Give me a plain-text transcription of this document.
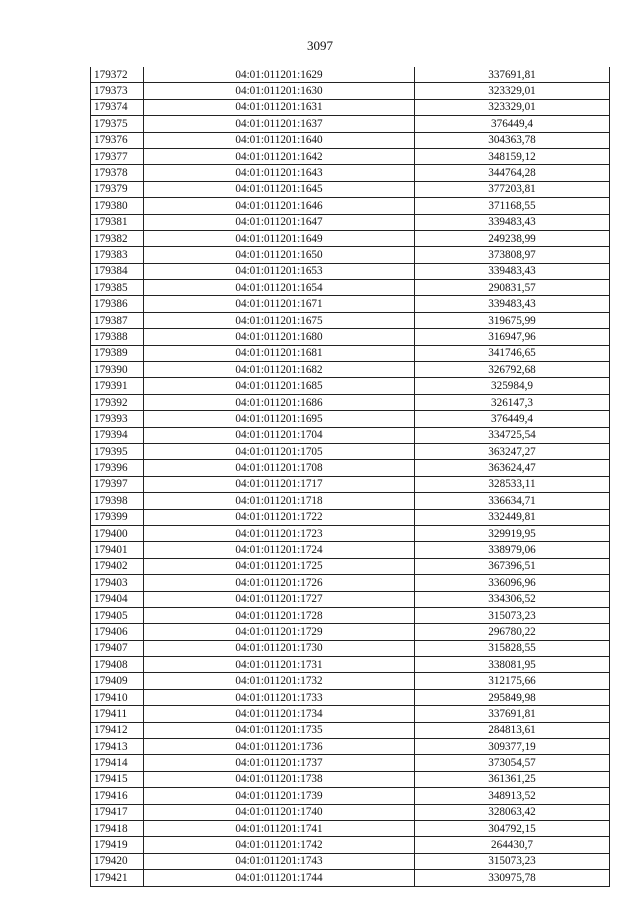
3097
179372	04:01:011201:1629	337691,81
179373	04:01:011201:1630	323329,01
179374	04:01:011201:1631	323329,01
179375	04:01:011201:1637	376449,4
179376	04:01:011201:1640	304363,78
179377	04:01:011201:1642	348159,12
179378	04:01:011201:1643	344764,28
179379	04:01:011201:1645	377203,81
179380	04:01:011201:1646	371168,55
179381	04:01:011201:1647	339483,43
179382	04:01:011201:1649	249238,99
179383	04:01:011201:1650	373808,97
179384	04:01:011201:1653	339483,43
179385	04:01:011201:1654	290831,57
179386	04:01:011201:1671	339483,43
179387	04:01:011201:1675	319675,99
179388	04:01:011201:1680	316947,96
179389	04:01:011201:1681	341746,65
179390	04:01:011201:1682	326792,68
179391	04:01:011201:1685	325984,9
179392	04:01:011201:1686	326147,3
179393	04:01:011201:1695	376449,4
179394	04:01:011201:1704	334725,54
179395	04:01:011201:1705	363247,27
179396	04:01:011201:1708	363624,47
179397	04:01:011201:1717	328533,11
179398	04:01:011201:1718	336634,71
179399	04:01:011201:1722	332449,81
179400	04:01:011201:1723	329919,95
179401	04:01:011201:1724	338979,06
179402	04:01:011201:1725	367396,51
179403	04:01:011201:1726	336096,96
179404	04:01:011201:1727	334306,52
179405	04:01:011201:1728	315073,23
179406	04:01:011201:1729	296780,22
179407	04:01:011201:1730	315828,55
179408	04:01:011201:1731	338081,95
179409	04:01:011201:1732	312175,66
179410	04:01:011201:1733	295849,98
179411	04:01:011201:1734	337691,81
179412	04:01:011201:1735	284813,61
179413	04:01:011201:1736	309377,19
179414	04:01:011201:1737	373054,57
179415	04:01:011201:1738	361361,25
179416	04:01:011201:1739	348913,52
179417	04:01:011201:1740	328063,42
179418	04:01:011201:1741	304792,15
179419	04:01:011201:1742	264430,7
179420	04:01:011201:1743	315073,23
179421	04:01:011201:1744	330975,78
